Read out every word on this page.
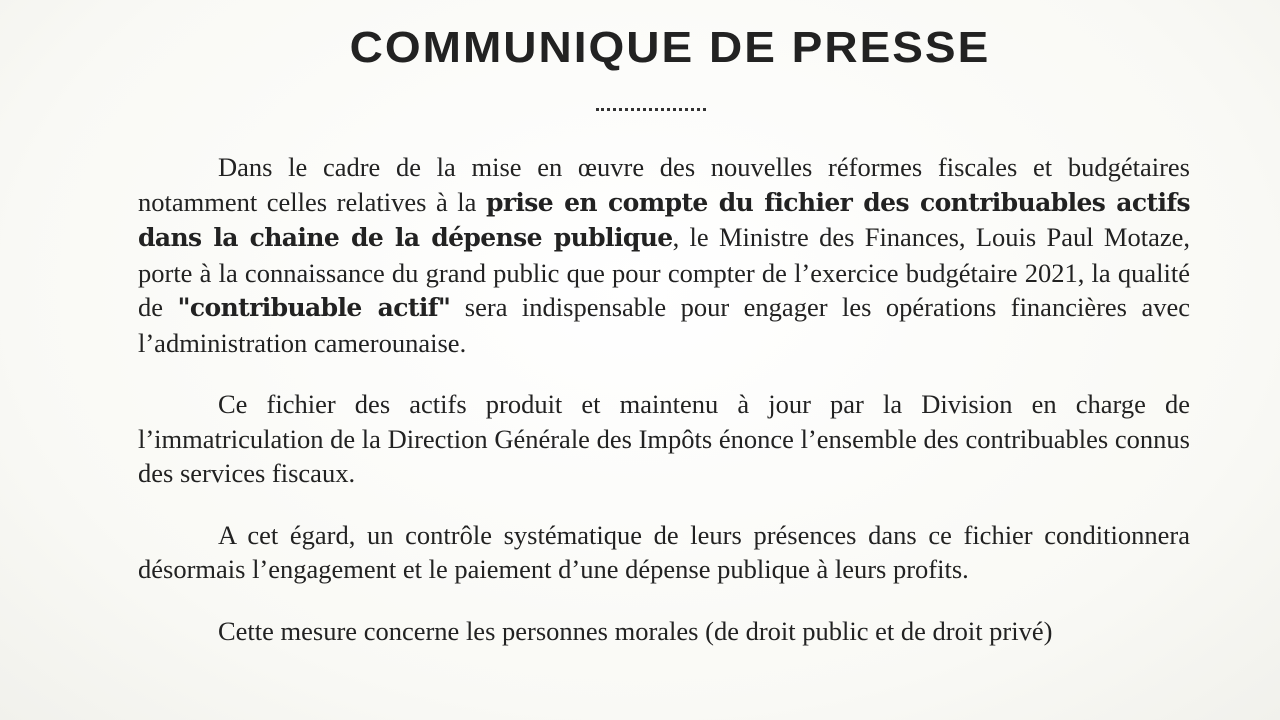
COMMUNIQUE DE PRESSE

Dans le cadre de la mise en œuvre des nouvelles réformes fiscales et budgétaires notamment celles relatives à la prise en compte du fichier des contribuables actifs dans la chaine de la dépense publique, le Ministre des Finances, Louis Paul Motaze, porte à la connaissance du grand public que pour compter de l’exercice budgétaire 2021, la qualité de "contribuable actif" sera indispensable pour engager les opérations financières avec l’administration camerounaise.

Ce fichier des actifs produit et maintenu à jour par la Division en charge de l’immatriculation de la Direction Générale des Impôts énonce l’ensemble des contribuables connus des services fiscaux.

A cet égard, un contrôle systématique de leurs présences dans ce fichier conditionnera désormais l’engagement et le paiement d’une dépense publique à leurs profits.

Cette mesure concerne les personnes morales (de droit public et de droit privé)
